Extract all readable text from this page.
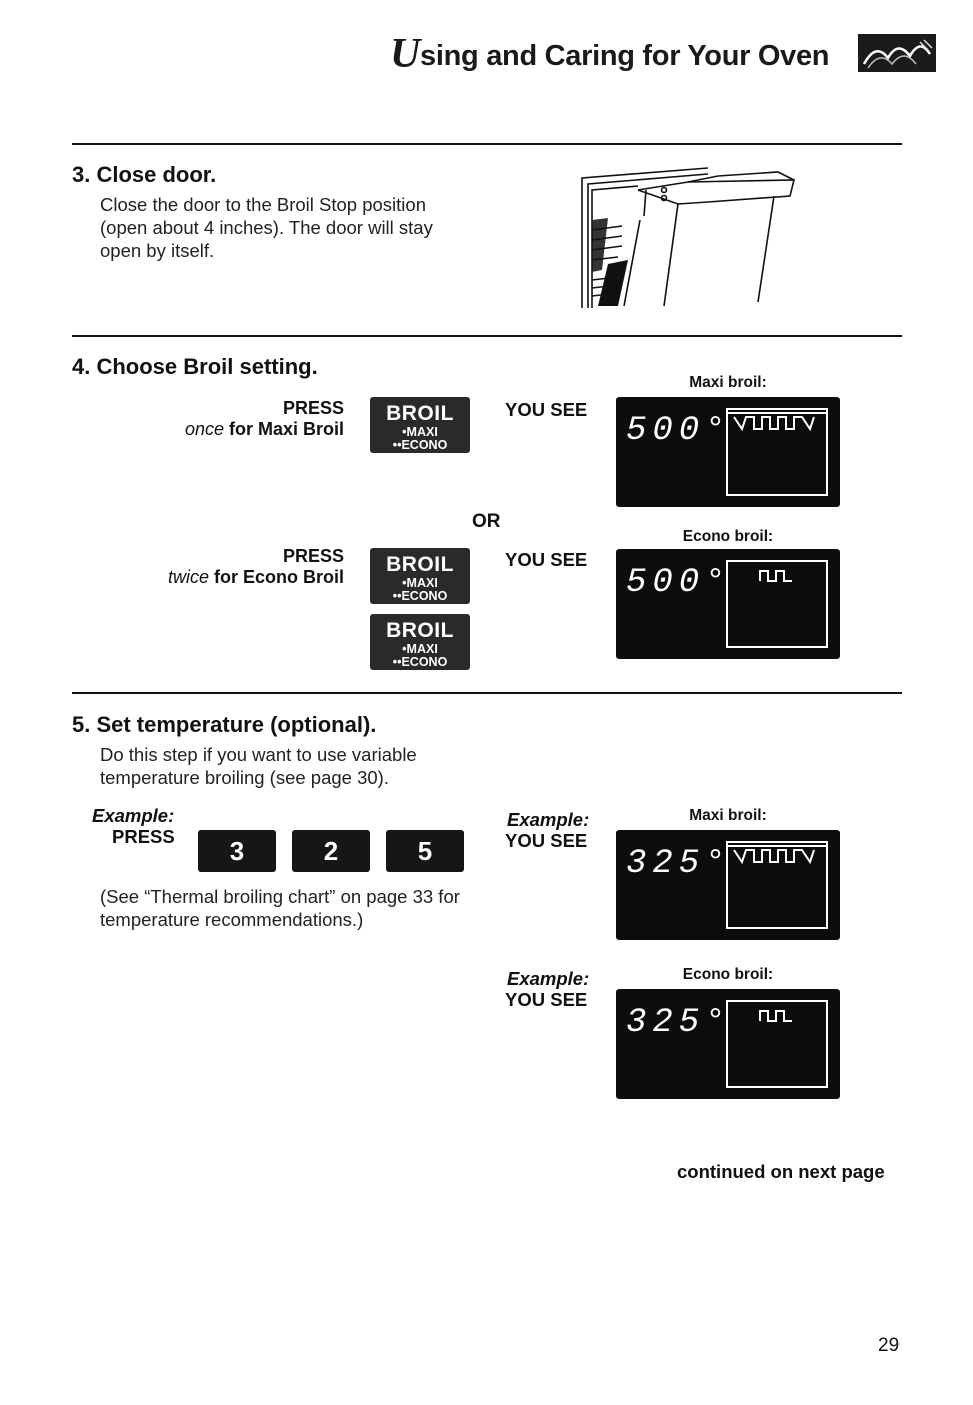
Using and Caring for Your Oven
3. Close door.
Close the door to the Broil Stop position
(open about 4 inches). The door will stay
open by itself.
4. Choose Broil setting.
PRESS
once for Maxi Broil
BROIL
•MAXI
••ECONO
YOU SEE
Maxi broil:
500°
OR
Econo broil:
PRESS
twice for Econo Broil
BROIL
•MAXI
••ECONO
BROIL
•MAXI
••ECONO
YOU SEE
500°
5. Set temperature (optional).
Do this step if you want to use variable
temperature broiling (see page 30).
Example:
PRESS	3	2	5
(See “Thermal broiling chart” on page 33 for
temperature recommendations.)
Example:
YOU SEE
Maxi broil:
325°
Example:
YOU SEE
Econo broil:
325°
continued on next page
29
